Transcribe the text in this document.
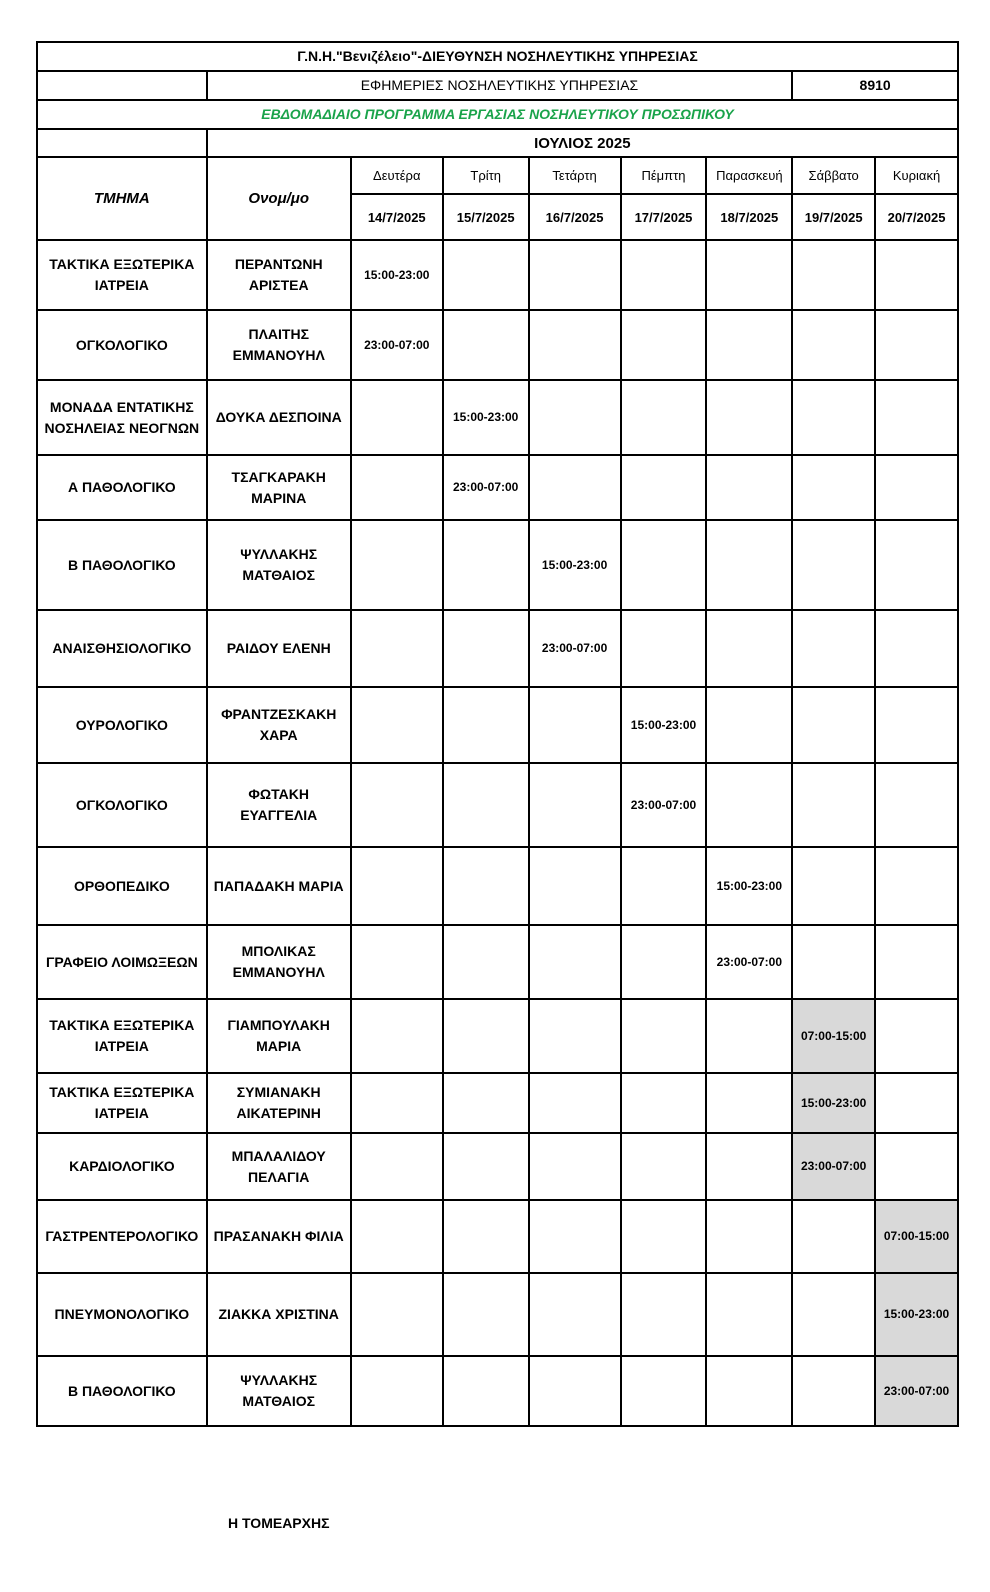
Γ.Ν.Η."Βενιζέλειο"-ΔΙΕΥΘΥΝΣΗ ΝΟΣΗΛΕΥΤΙΚΗΣ ΥΠΗΡΕΣΙΑΣ								
	ΕΦΗΜΕΡΙΕΣ ΝΟΣΗΛΕΥΤΙΚΗΣ ΥΠΗΡΕΣΙΑΣ						8910	
ΕΒΔΟΜΑΔΙΑΙΟ ΠΡΟΓΡΑΜΜΑ ΕΡΓΑΣΙΑΣ ΝΟΣΗΛΕΥΤΙΚΟΥ ΠΡΟΣΩΠΙΚΟΥ								
	ΙΟΥΛΙΟΣ 2025							
ΤΜΗΜΑ	Ονομ/μο	Δευτέρα	Τρίτη	Τετάρτη	Πέμπτη	Παρασκευή	Σάββατο	Κυριακή
		14/7/2025	15/7/2025	16/7/2025	17/7/2025	18/7/2025	19/7/2025	20/7/2025
ΤΑΚΤΙΚΑ ΕΞΩΤΕΡΙΚΑ ΙΑΤΡΕΙΑ	ΠΕΡΑΝΤΩΝΗ ΑΡΙΣΤΕΑ	15:00-23:00						
ΟΓΚΟΛΟΓΙΚΟ	ΠΛΑΙΤΗΣ ΕΜΜΑΝΟΥΗΛ	23:00-07:00						
ΜΟΝΑΔΑ ΕΝΤΑΤΙΚΗΣ ΝΟΣΗΛΕΙΑΣ ΝΕΟΓΝΩΝ	ΔΟΥΚΑ ΔΕΣΠΟΙΝΑ		15:00-23:00					
Α ΠΑΘΟΛΟΓΙΚΟ	ΤΣΑΓΚΑΡΑΚΗ ΜΑΡΙΝΑ		23:00-07:00					
Β ΠΑΘΟΛΟΓΙΚΟ	ΨΥΛΛΑΚΗΣ ΜΑΤΘΑΙΟΣ			15:00-23:00				
ΑΝΑΙΣΘΗΣΙΟΛΟΓΙΚΟ	ΡΑΙΔΟΥ ΕΛΕΝΗ			23:00-07:00				
ΟΥΡΟΛΟΓΙΚΟ	ΦΡΑΝΤΖΕΣΚΑΚΗ ΧΑΡΑ				15:00-23:00			
ΟΓΚΟΛΟΓΙΚΟ	ΦΩΤΑΚΗ ΕΥΑΓΓΕΛΙΑ				23:00-07:00			
ΟΡΘΟΠΕΔΙΚΟ	ΠΑΠΑΔΑΚΗ ΜΑΡΙΑ					15:00-23:00		
ΓΡΑΦΕΙΟ ΛΟΙΜΩΞΕΩΝ	ΜΠΟΛΙΚΑΣ ΕΜΜΑΝΟΥΗΛ					23:00-07:00		
ΤΑΚΤΙΚΑ ΕΞΩΤΕΡΙΚΑ ΙΑΤΡΕΙΑ	ΓΙΑΜΠΟΥΛΑΚΗ ΜΑΡΙΑ						07:00-15:00	
ΤΑΚΤΙΚΑ ΕΞΩΤΕΡΙΚΑ ΙΑΤΡΕΙΑ	ΣΥΜΙΑΝΑΚΗ ΑΙΚΑΤΕΡΙΝΗ						15:00-23:00	
ΚΑΡΔΙΟΛΟΓΙΚΟ	ΜΠΑΛΑΛΙΔΟΥ ΠΕΛΑΓΙΑ						23:00-07:00	
ΓΑΣΤΡΕΝΤΕΡΟΛΟΓΙΚΟ	ΠΡΑΣΑΝΑΚΗ ΦΙΛΙΑ							07:00-15:00
ΠΝΕΥΜΟΝΟΛΟΓΙΚΟ	ΖΙΑΚΚΑ ΧΡΙΣΤΙΝΑ							15:00-23:00
Β ΠΑΘΟΛΟΓΙΚΟ	ΨΥΛΛΑΚΗΣ ΜΑΤΘΑΙΟΣ							23:00-07:00
Η ΤΟΜΕΑΡΧΗΣ
